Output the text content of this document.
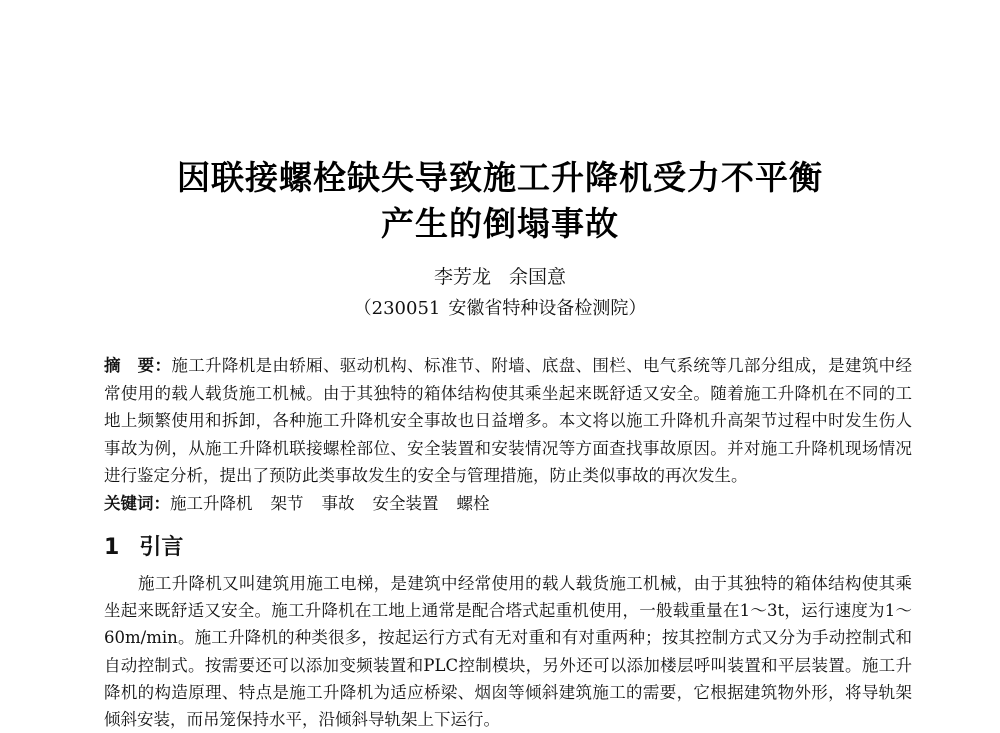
因联接螺栓缺失导致施工升降机受力不平衡
产生的倒塌事故
李芳龙 余国意
（230051 安徽省特种设备检测院）
摘　要：施工升降机是由轿厢、驱动机构、标准节、附墙、底盘、围栏、电气系统等几部分组成，是建筑中经常使用的载人载货施工机械。由于其独特的箱体结构使其乘坐起来既舒适又安全。随着施工升降机在不同的工地上频繁使用和拆卸，各种施工升降机安全事故也日益增多。本文将以施工升降机升高架节过程中时发生伤人事故为例，从施工升降机联接螺栓部位、安全装置和安装情况等方面查找事故原因。并对施工升降机现场情况进行鉴定分析，提出了预防此类事故发生的安全与管理措施，防止类似事故的再次发生。
关键词：施工升降机 架节 事故 安全装置 螺栓
1 引言
施工升降机又叫建筑用施工电梯，是建筑中经常使用的载人载货施工机械，由于其独特的箱体结构使其乘坐起来既舒适又安全。施工升降机在工地上通常是配合塔式起重机使用，一般载重量在1～3t，运行速度为1～60m/min。施工升降机的种类很多，按起运行方式有无对重和有对重两种；按其控制方式又分为手动控制式和自动控制式。按需要还可以添加变频装置和PLC控制模块，另外还可以添加楼层呼叫装置和平层装置。施工升降机的构造原理、特点是施工升降机为适应桥梁、烟囱等倾斜建筑施工的需要，它根据建筑物外形，将导轨架倾斜安装，而吊笼保持水平，沿倾斜导轨架上下运行。
